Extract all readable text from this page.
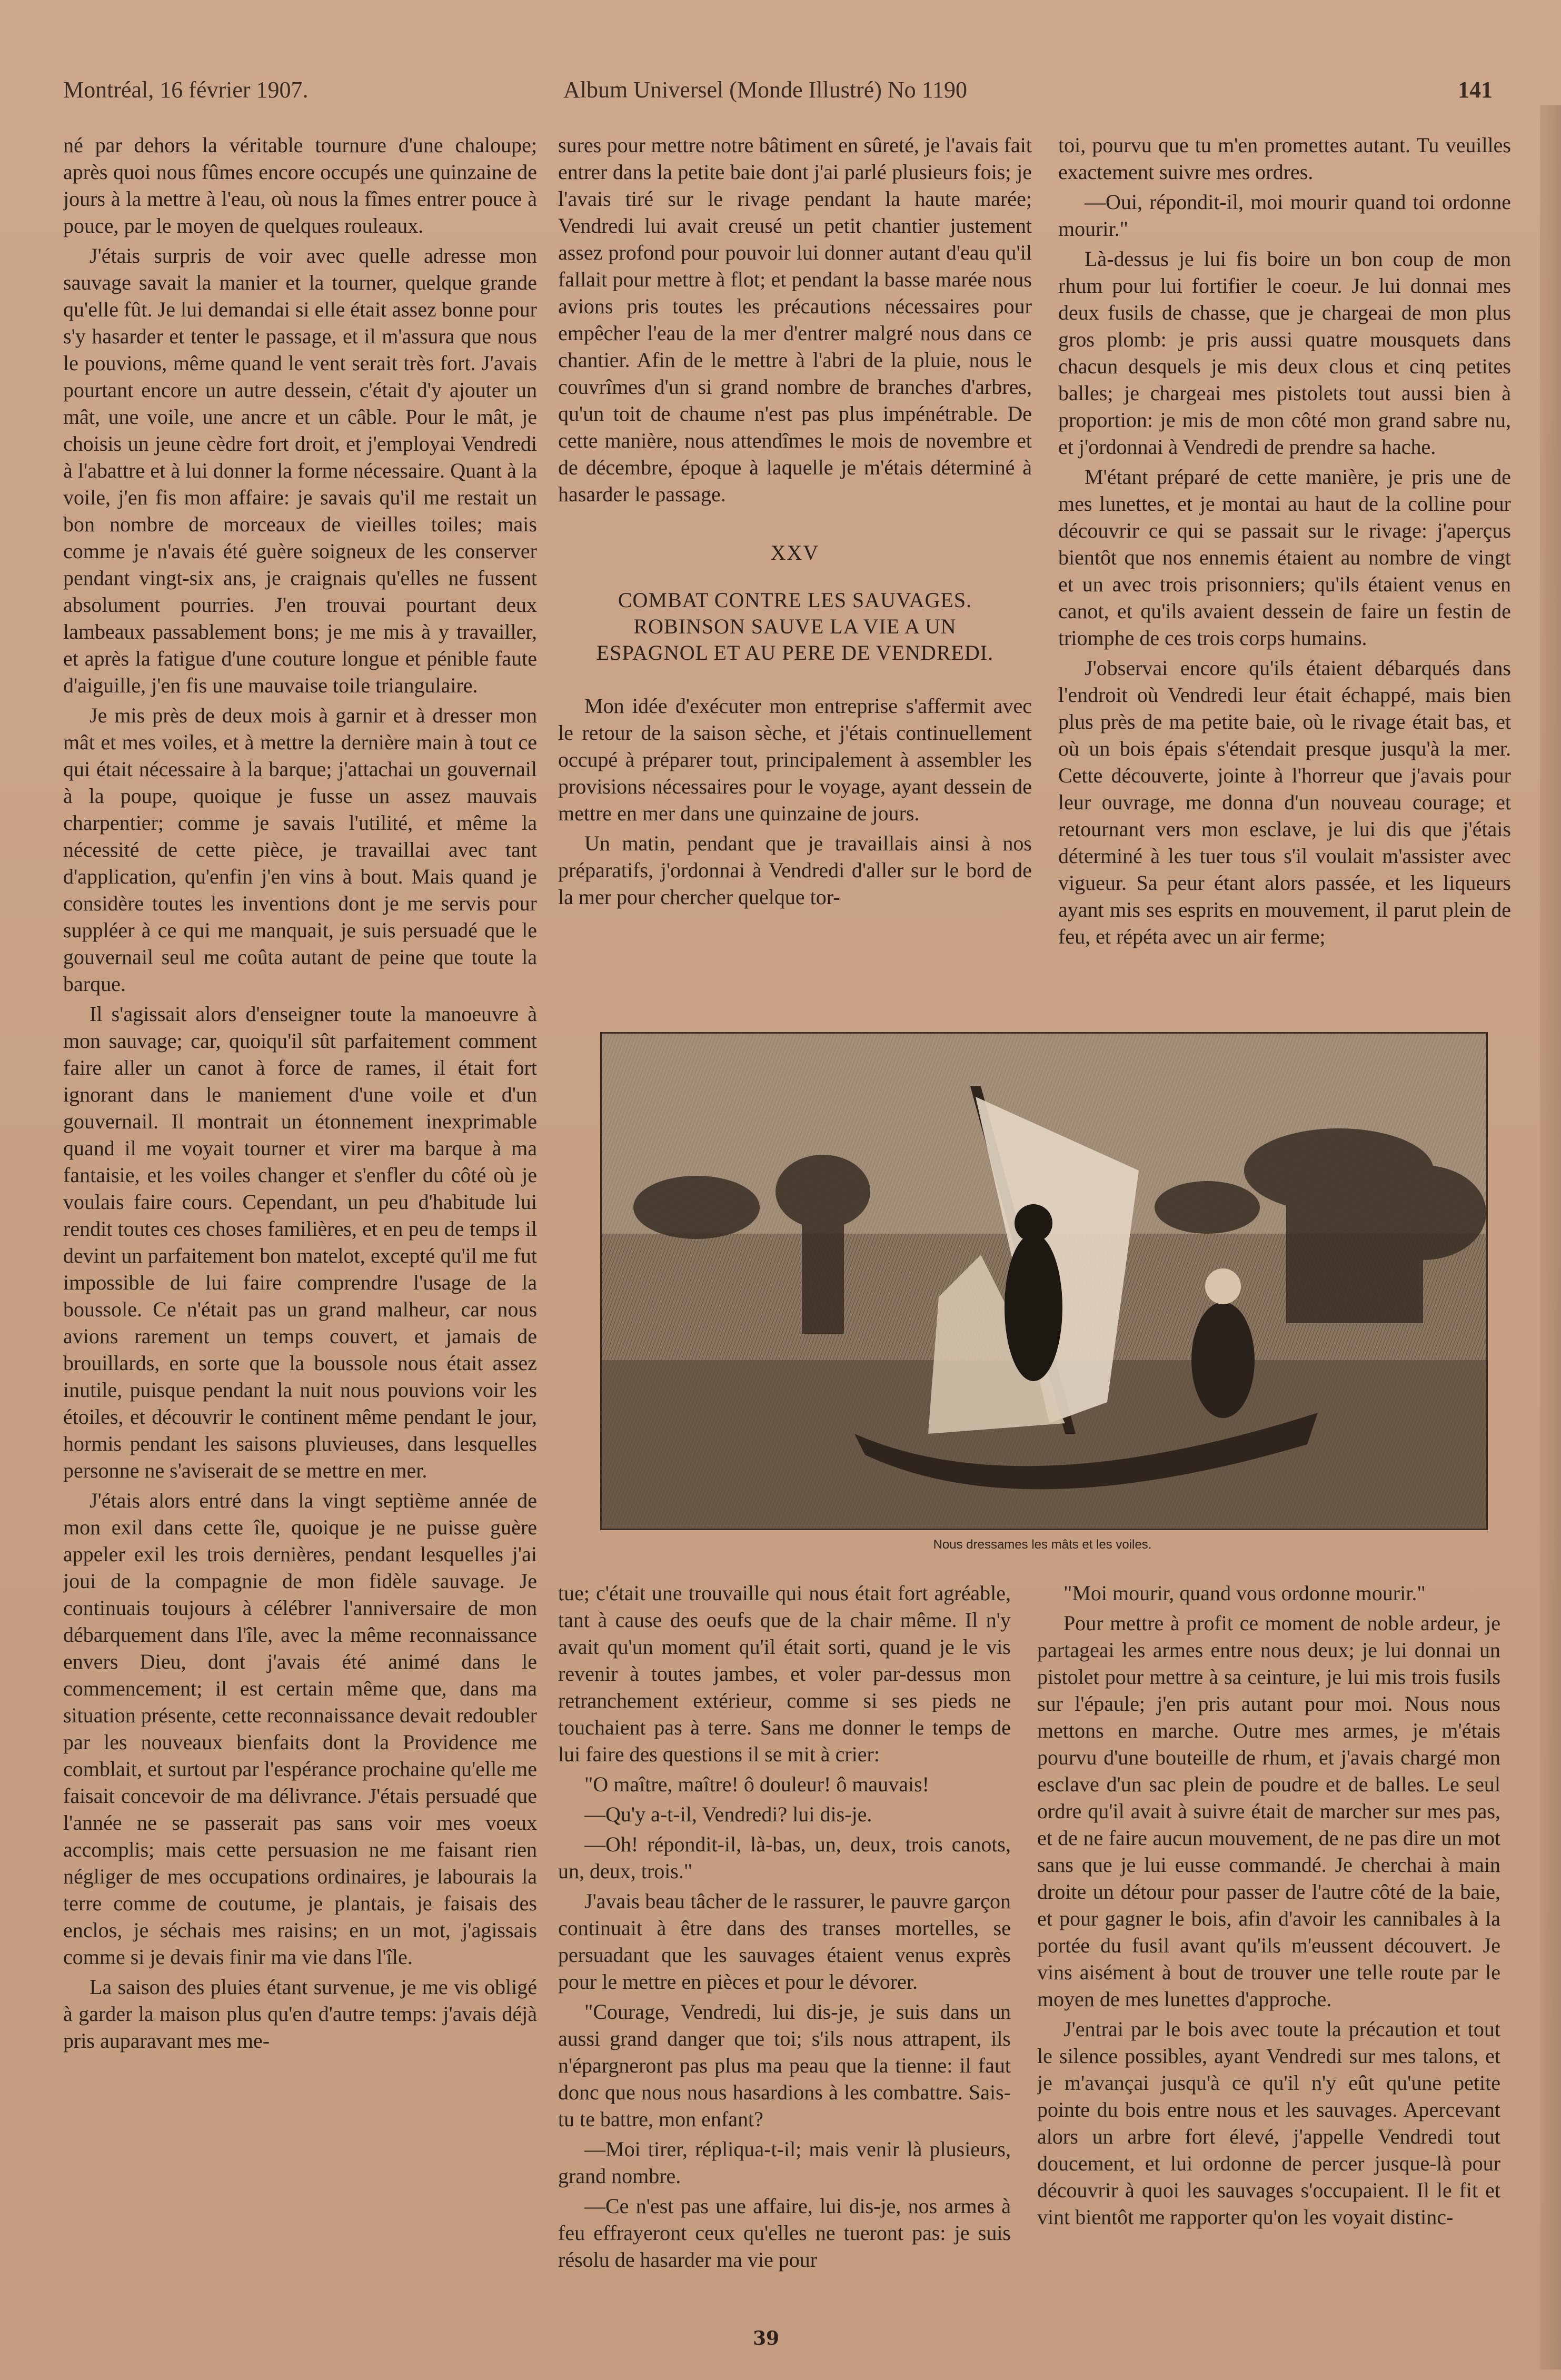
Montréal, 16 février 1907.	Album Universel (Monde Illustré) No 1190	141

né par dehors la véritable tournure d'une chaloupe; après quoi nous fûmes encore occupés une quinzaine de jours à la mettre à l'eau, où nous la fîmes entrer pouce à pouce, par le moyen de quelques rouleaux.

J'étais surpris de voir avec quelle adresse mon sauvage savait la manier et la tourner, quelque grande qu'elle fût. Je lui demandai si elle était assez bonne pour s'y hasarder et tenter le passage, et il m'assura que nous le pouvions, même quand le vent serait très fort. J'avais pourtant encore un autre dessein, c'était d'y ajouter un mât, une voile, une ancre et un câble. Pour le mât, je choisis un jeune cèdre fort droit, et j'employai Vendredi à l'abattre et à lui donner la forme nécessaire. Quant à la voile, j'en fis mon affaire: je savais qu'il me restait un bon nombre de morceaux de vieilles toiles; mais comme je n'avais été guère soigneux de les conserver pendant vingt-six ans, je craignais qu'elles ne fussent absolument pourries. J'en trouvai pourtant deux lambeaux passablement bons; je me mis à y travailler, et après la fatigue d'une couture longue et pénible faute d'aiguille, j'en fis une mauvaise toile triangulaire.

Je mis près de deux mois à garnir et à dresser mon mât et mes voiles, et à mettre la dernière main à tout ce qui était nécessaire à la barque; j'attachai un gouvernail à la poupe, quoique je fusse un assez mauvais charpentier; comme je savais l'utilité, et même la nécessité de cette pièce, je travaillai avec tant d'application, qu'enfin j'en vins à bout. Mais quand je considère toutes les inventions dont je me servis pour suppléer à ce qui me manquait, je suis persuadé que le gouvernail seul me coûta autant de peine que toute la barque.

Il s'agissait alors d'enseigner toute la manoeuvre à mon sauvage; car, quoiqu'il sût parfaitement comment faire aller un canot à force de rames, il était fort ignorant dans le maniement d'une voile et d'un gouvernail. Il montrait un étonnement inexprimable quand il me voyait tourner et virer ma barque à ma fantaisie, et les voiles changer et s'enfler du côté où je voulais faire cours. Cependant, un peu d'habitude lui rendit toutes ces choses familières, et en peu de temps il devint un parfaitement bon matelot, excepté qu'il me fut impossible de lui faire comprendre l'usage de la boussole. Ce n'était pas un grand malheur, car nous avions rarement un temps couvert, et jamais de brouillards, en sorte que la boussole nous était assez inutile, puisque pendant la nuit nous pouvions voir les étoiles, et découvrir le continent même pendant le jour, hormis pendant les saisons pluvieuses, dans lesquelles personne ne s'aviserait de se mettre en mer.

J'étais alors entré dans la vingt septième année de mon exil dans cette île, quoique je ne puisse guère appeler exil les trois dernières, pendant lesquelles j'ai joui de la compagnie de mon fidèle sauvage. Je continuais toujours à célébrer l'anniversaire de mon débarquement dans l'île, avec la même reconnaissance envers Dieu, dont j'avais été animé dans le commencement; il est certain même que, dans ma situation présente, cette reconnaissance devait redoubler par les nouveaux bienfaits dont la Providence me comblait, et surtout par l'espérance prochaine qu'elle me faisait concevoir de ma délivrance. J'étais persuadé que l'année ne se passerait pas sans voir mes voeux accomplis; mais cette persuasion ne me faisant rien négliger de mes occupations ordinaires, je labourais la terre comme de coutume, je plantais, je faisais des enclos, je séchais mes raisins; en un mot, j'agissais comme si je devais finir ma vie dans l'île.

La saison des pluies étant survenue, je me vis obligé à garder la maison plus qu'en d'autre temps: j'avais déjà pris auparavant mes me-

sures pour mettre notre bâtiment en sûreté, je l'avais fait entrer dans la petite baie dont j'ai parlé plusieurs fois; je l'avais tiré sur le rivage pendant la haute marée; Vendredi lui avait creusé un petit chantier justement assez profond pour pouvoir lui donner autant d'eau qu'il fallait pour mettre à flot; et pendant la basse marée nous avions pris toutes les précautions nécessaires pour empêcher l'eau de la mer d'entrer malgré nous dans ce chantier. Afin de le mettre à l'abri de la pluie, nous le couvrîmes d'un si grand nombre de branches d'arbres, qu'un toit de chaume n'est pas plus impénétrable. De cette manière, nous attendîmes le mois de novembre et de décembre, époque à laquelle je m'étais déterminé à hasarder le passage.

XXV
COMBAT CONTRE LES SAUVAGES. ROBINSON SAUVE LA VIE A UN ESPAGNOL ET AU PERE DE VENDREDI.

Mon idée d'exécuter mon entreprise s'affermit avec le retour de la saison sèche, et j'étais continuellement occupé à préparer tout, principalement à assembler les provisions nécessaires pour le voyage, ayant dessein de mettre en mer dans une quinzaine de jours.

Un matin, pendant que je travaillais ainsi à nos préparatifs, j'ordonnai à Vendredi d'aller sur le bord de la mer pour chercher quelque tor-

toi, pourvu que tu m'en promettes autant. Tu veuilles exactement suivre mes ordres.

—Oui, répondit-il, moi mourir quand toi ordonne mourir."

Là-dessus je lui fis boire un bon coup de mon rhum pour lui fortifier le coeur. Je lui donnai mes deux fusils de chasse, que je chargeai de mon plus gros plomb: je pris aussi quatre mousquets dans chacun desquels je mis deux clous et cinq petites balles; je chargeai mes pistolets tout aussi bien à proportion: je mis de mon côté mon grand sabre nu, et j'ordonnai à Vendredi de prendre sa hache.

M'étant préparé de cette manière, je pris une de mes lunettes, et je montai au haut de la colline pour découvrir ce qui se passait sur le rivage: j'aperçus bientôt que nos ennemis étaient au nombre de vingt et un avec trois prisonniers; qu'ils étaient venus en canot, et qu'ils avaient dessein de faire un festin de triomphe de ces trois corps humains.

J'observai encore qu'ils étaient débarqués dans l'endroit où Vendredi leur était échappé, mais bien plus près de ma petite baie, où le rivage était bas, et où un bois épais s'étendait presque jusqu'à la mer. Cette découverte, jointe à l'horreur que j'avais pour leur ouvrage, me donna d'un nouveau courage; et retournant vers mon esclave, je lui dis que j'étais déterminé à les tuer tous s'il voulait m'assister avec vigueur. Sa peur étant alors passée, et les liqueurs ayant mis ses esprits en mouvement, il parut plein de feu, et répéta avec un air ferme;

Nous dressames les mâts et les voiles.

tue; c'était une trouvaille qui nous était fort agréable, tant à cause des oeufs que de la chair même. Il n'y avait qu'un moment qu'il était sorti, quand je le vis revenir à toutes jambes, et voler par-dessus mon retranchement extérieur, comme si ses pieds ne touchaient pas à terre. Sans me donner le temps de lui faire des questions il se mit à crier:

"O maître, maître! ô douleur! ô mauvais!

—Qu'y a-t-il, Vendredi? lui dis-je.

—Oh! répondit-il, là-bas, un, deux, trois canots, un, deux, trois."

J'avais beau tâcher de le rassurer, le pauvre garçon continuait à être dans des transes mortelles, se persuadant que les sauvages étaient venus exprès pour le mettre en pièces et pour le dévorer.

"Courage, Vendredi, lui dis-je, je suis dans un aussi grand danger que toi; s'ils nous attrapent, ils n'épargneront pas plus ma peau que la tienne: il faut donc que nous nous hasardions à les combattre. Sais-tu te battre, mon enfant?

—Moi tirer, répliqua-t-il; mais venir là plusieurs, grand nombre.

—Ce n'est pas une affaire, lui dis-je, nos armes à feu effrayeront ceux qu'elles ne tueront pas: je suis résolu de hasarder ma vie pour

"Moi mourir, quand vous ordonne mourir."

Pour mettre à profit ce moment de noble ardeur, je partageai les armes entre nous deux; je lui donnai un pistolet pour mettre à sa ceinture, je lui mis trois fusils sur l'épaule; j'en pris autant pour moi. Nous nous mettons en marche. Outre mes armes, je m'étais pourvu d'une bouteille de rhum, et j'avais chargé mon esclave d'un sac plein de poudre et de balles. Le seul ordre qu'il avait à suivre était de marcher sur mes pas, et de ne faire aucun mouvement, de ne pas dire un mot sans que je lui eusse commandé. Je cherchai à main droite un détour pour passer de l'autre côté de la baie, et pour gagner le bois, afin d'avoir les cannibales à la portée du fusil avant qu'ils m'eussent découvert. Je vins aisément à bout de trouver une telle route par le moyen de mes lunettes d'approche.

J'entrai par le bois avec toute la précaution et tout le silence possibles, ayant Vendredi sur mes talons, et je m'avançai jusqu'à ce qu'il n'y eût qu'une petite pointe du bois entre nous et les sauvages. Apercevant alors un arbre fort élevé, j'appelle Vendredi tout doucement, et lui ordonne de percer jusque-là pour découvrir à quoi les sauvages s'occupaient. Il le fit et vint bientôt me rapporter qu'on les voyait distinc-

39
